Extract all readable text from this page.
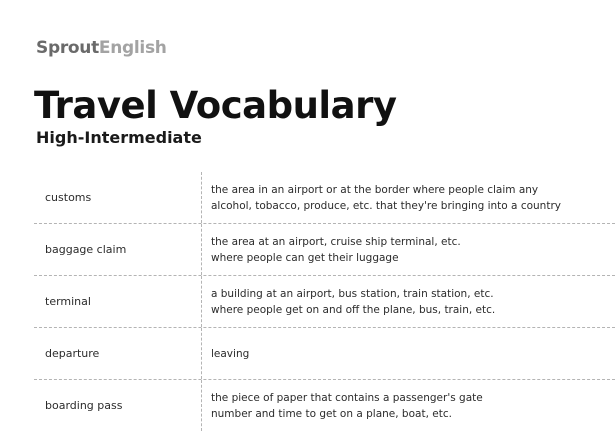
SproutEnglish
Travel Vocabulary
High-Intermediate
customs
the area in an airport or at the border where people claim any
alcohol, tobacco, produce, etc. that they're bringing into a country
baggage claim
the area at an airport, cruise ship terminal, etc.
where people can get their luggage
terminal
a building at an airport, bus station, train station, etc.
where people get on and off the plane, bus, train, etc.
departure	leaving
boarding pass
the piece of paper that contains a passenger's gate
number and time to get on a plane, boat, etc.
